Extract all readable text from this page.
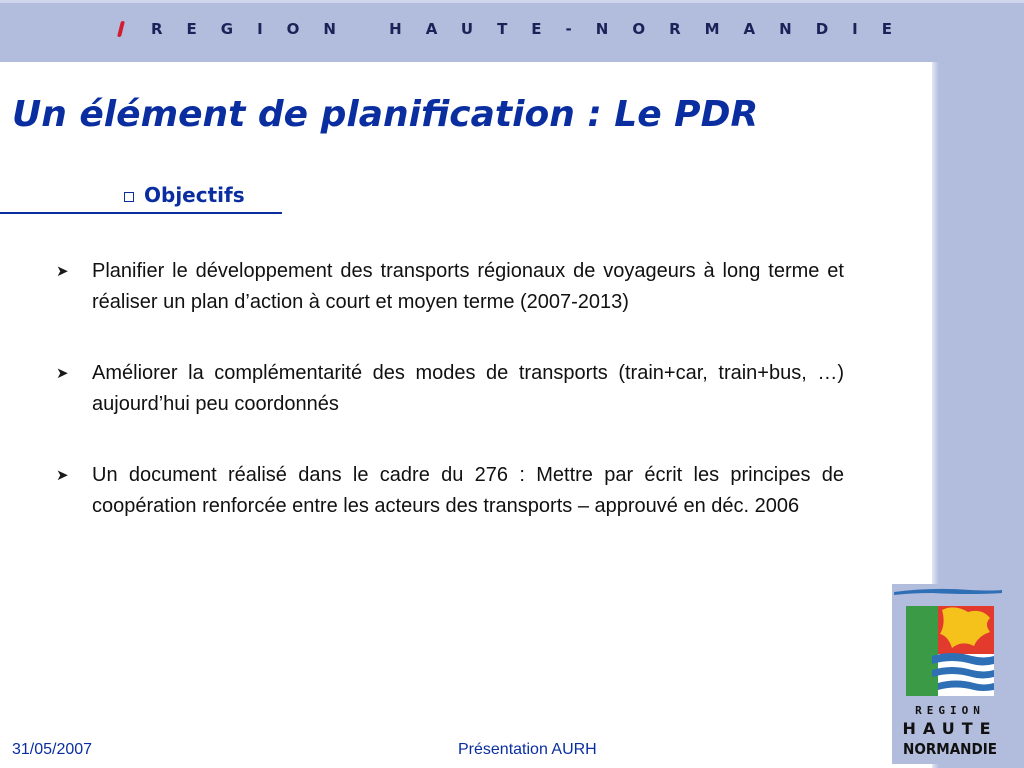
REGION HAUTE-NORMANDIE
Un élément de planification : Le PDR
Objectifs
➤ Planifier le développement des transports régionaux de voyageurs à long terme et réaliser un plan d’action à court et moyen terme (2007-2013)
➤ Améliorer la complémentarité des modes de transports (train+car, train+bus, …) aujourd’hui peu coordonnés
➤ Un document réalisé dans le cadre du 276 : Mettre par écrit les principes de coopération renforcée entre les acteurs des transports – approuvé en déc. 2006
31/05/2007	Présentation AURH
REGION
HAUTE
NORMANDIE
